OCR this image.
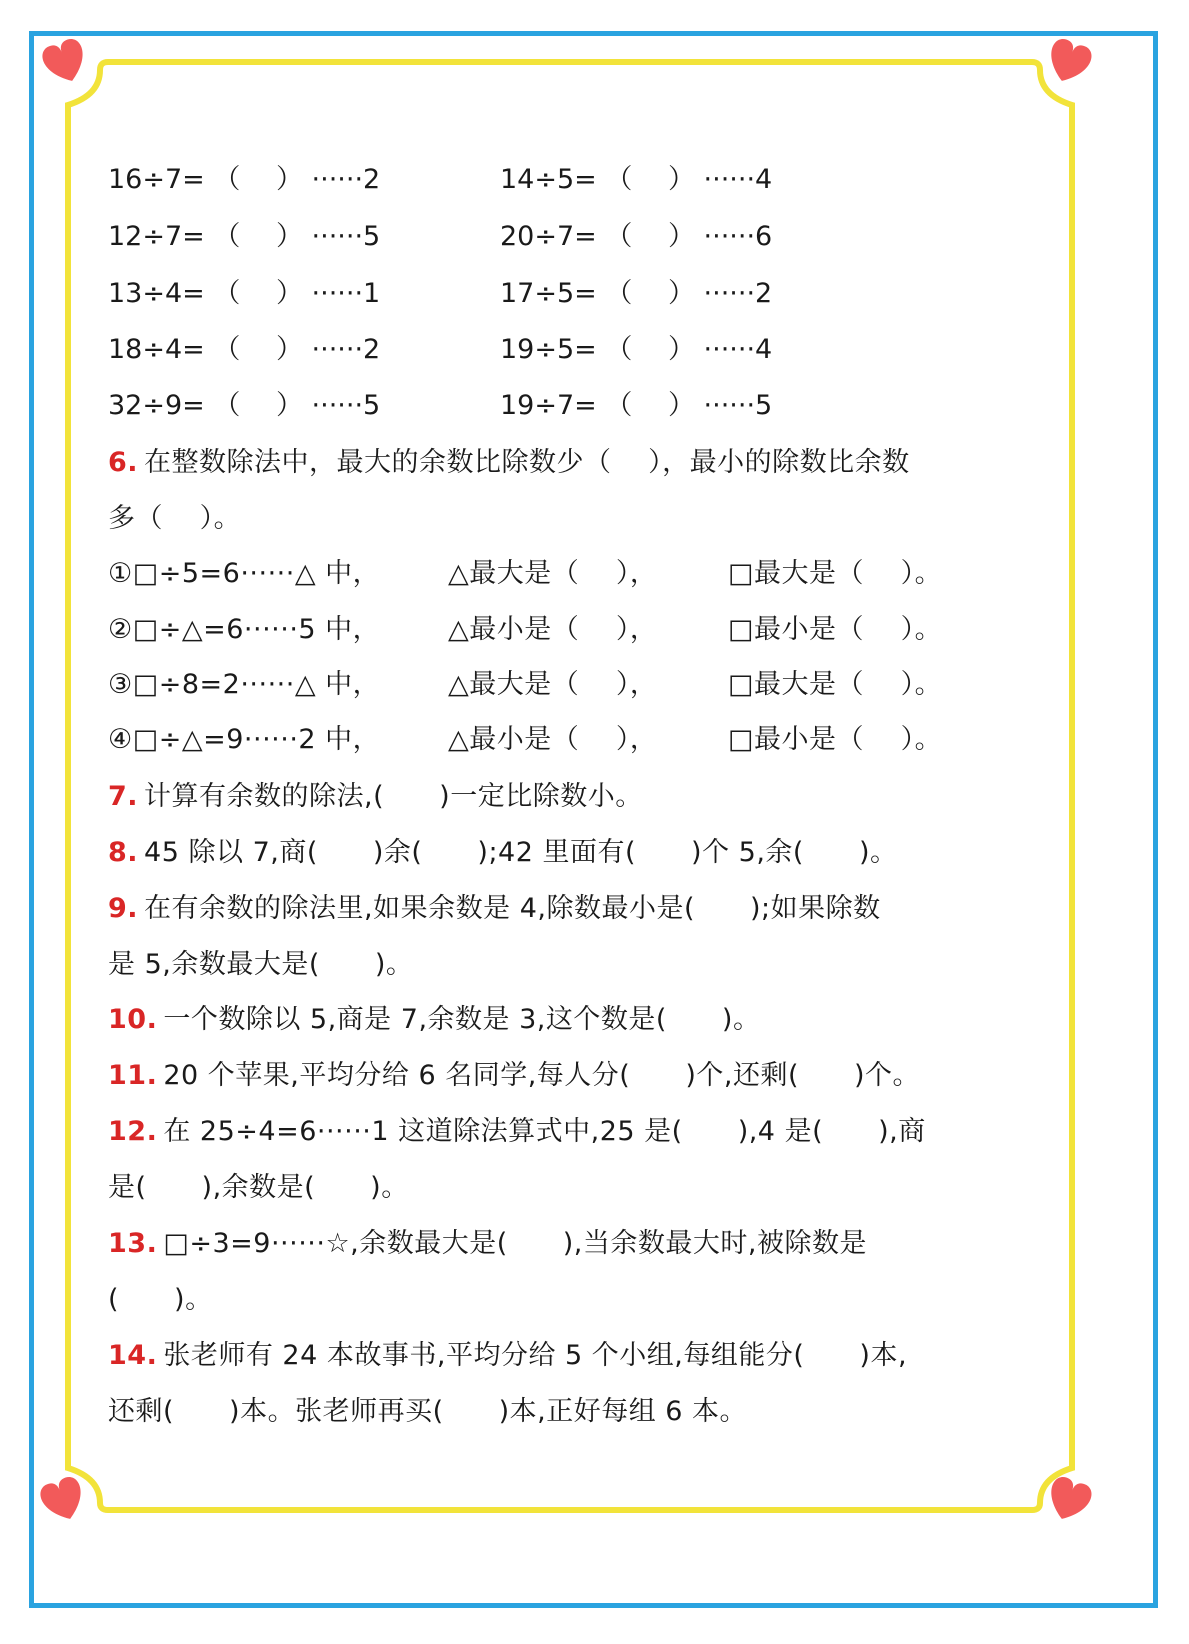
16÷7= （　 ） ······2
12÷7= （　 ） ······5
13÷4= （　 ） ······1
18÷4= （　 ） ······2
32÷9= （　 ） ······5
14÷5= （　 ） ······4
20÷7= （　 ） ······6
17÷5= （　 ） ······2
19÷5= （　 ） ······4
19÷7= （　 ） ······5
6. 在整数除法中，最大的余数比除数少（　 ），最小的除数比余数
多（　 ）。
①□÷5=6······△ 中，	△最大是（　 ），	□最大是（　 ）。
②□÷△=6······5 中，	△最小是（　 ），	□最小是（　 ）。
③□÷8=2······△ 中，	△最大是（　 ），	□最大是（　 ）。
④□÷△=9······2 中，	△最小是（　 ），	□最小是（　 ）。
7. 计算有余数的除法,(　　)一定比除数小。
8. 45 除以 7,商(　　)余(　　);42 里面有(　　)个 5,余(　　)。
9. 在有余数的除法里,如果余数是 4,除数最小是(　　);如果除数
是 5,余数最大是(　　)。
10. 一个数除以 5,商是 7,余数是 3,这个数是(　　)。
11. 20 个苹果,平均分给 6 名同学,每人分(　　)个,还剩(　　)个。
12. 在 25÷4=6······1 这道除法算式中,25 是(　　),4 是(　　),商
是(　　),余数是(　　)。
13. □÷3=9······☆,余数最大是(　　),当余数最大时,被除数是
(　　)。
14. 张老师有 24 本故事书,平均分给 5 个小组,每组能分(　　)本,
还剩(　　)本。张老师再买(　　)本,正好每组 6 本。
